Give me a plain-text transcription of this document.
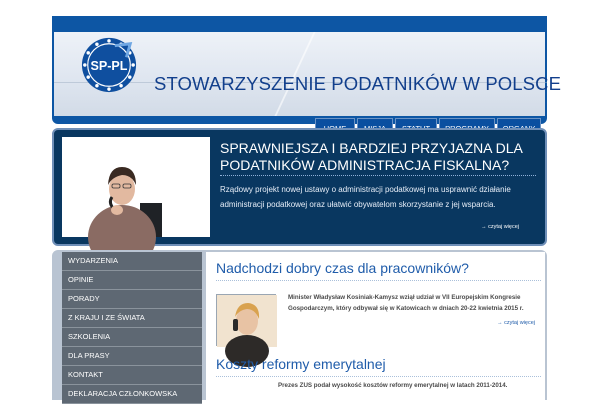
SP-PL
STOWARZYSZENIE PODATNIKÓW W POLSCE
SPRAWNIEJSZA I BARDZIEJ PRZYJAZNA DLA
PODATNIKÓW ADMINISTRACJA FISKALNA?
Rządowy projekt nowej ustawy o administracji podatkowej ma usprawnić działanie administracji podatkowej oraz ułatwić obywatelom skorzystanie z jej wsparcia.
→ czytaj więcej
WYDARZENIA
OPINIE
PORADY
Z KRAJU I ZE ŚWIATA
SZKOLENIA
DLA PRASY
KONTAKT
DEKLARACJA CZŁONKOWSKA
Nadchodzi dobry czas dla pracowników?
Minister Władysław Kosiniak-Kamysz wziął udział w VII Europejskim Kongresie Gospodarczym, który odbywał się w Katowicach w dniach 20-22 kwietnia 2015 r.
→ czytaj więcej
Koszty reformy emerytalnej
Prezes ZUS podał wysokość kosztów reformy emerytalnej w latach 2011-2014.
